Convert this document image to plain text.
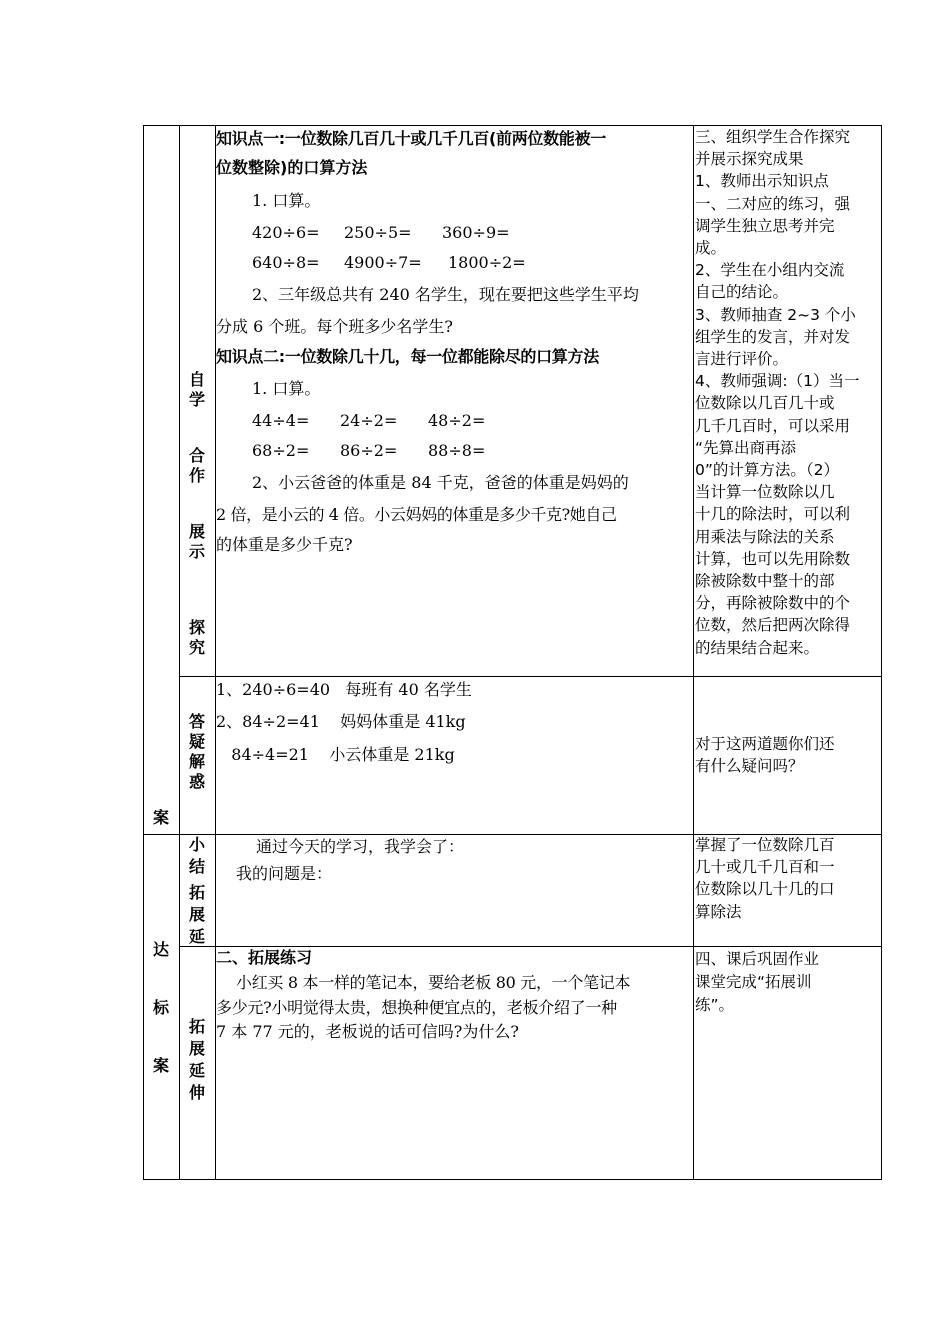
案
达
标
案
自
学
合
作
展
示
探
究
知识点一:一位数除几百几十或几千几百(前两位数能被一
位数整除)的口算方法
1. 口算。
420÷6= 250÷5= 360÷9=
640÷8= 4900÷7= 1800÷2=
2、三年级总共有 240 名学生，现在要把这些学生平均
分成 6 个班。每个班多少名学生?
知识点二:一位数除几十几，每一位都能除尽的口算方法
1. 口算。
44÷4= 24÷2= 48÷2=
68÷2= 86÷2= 88÷8=
2、小云爸爸的体重是 84 千克，爸爸的体重是妈妈的
2 倍，是小云的 4 倍。小云妈妈的体重是多少千克?她自己
的体重是多少千克?
三、组织学生合作探究
并展示探究成果
1、教师出示知识点
一、二对应的练习，强
调学生独立思考并完
成。
2、学生在小组内交流
自己的结论。
3、教师抽查 2~3 个小
组学生的发言，并对发
言进行评价。
4、教师强调:（1）当一
位数除以几百几十或
几千几百时，可以采用
“先算出商再添
0”的计算方法。（2）
当计算一位数除以几
十几的除法时，可以利
用乘法与除法的关系
计算，也可以先用除数
除被除数中整十的部
分，再除被除数中的个
位数，然后把两次除得
的结果结合起来。
答
疑
解
惑
1、240÷6=40   每班有 40 名学生
2、84÷2=41    妈妈体重是 41kg
84÷4=21    小云体重是 21kg
对于这两道题你们还
有什么疑问吗？
小
结
拓
展
延
通过今天的学习，我学会了：
我的问题是：
掌握了一位数除几百
几十或几千几百和一
位数除以几十几的口
算除法
拓
展
延
伸
二、拓展练习
小红买 8 本一样的笔记本，要给老板 80 元，一个笔记本
多少元?小明觉得太贵，想换种便宜点的，老板介绍了一种
7 本 77 元的，老板说的话可信吗?为什么?
四、课后巩固作业
课堂完成“拓展训
练”。
